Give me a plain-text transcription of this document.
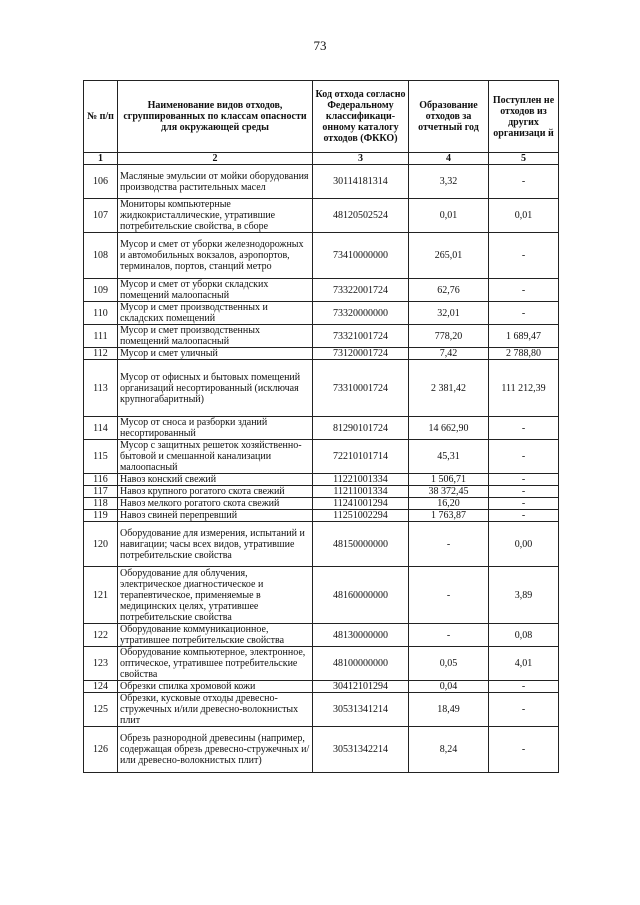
73
№ п/п	Наименование видов отходов, сгруппированных по классам опасности для окружающей среды	Код отхода согласно Федеральному классификаци-онному каталогу отходов (ФККО)	Образование отходов за отчетный год	Поступлен не отходов из других организаци й
1	2	3	4	5
106	Масляные эмульсии от мойки оборудования производства растительных масел	30114181314	3,32	-
107	Мониторы компьютерные жидкокристаллические, утратившие потребительские свойства, в сборе	48120502524	0,01	0,01
108	Мусор и смет от уборки железнодорожных и автомобильных вокзалов, аэропортов, терминалов, портов, станций метро	73410000000	265,01	-
109	Мусор и смет от уборки складских помещений малоопасный	73322001724	62,76	-
110	Мусор и смет производственных и складских помещений	73320000000	32,01	-
111	Мусор и смет производственных помещений малоопасный	73321001724	778,20	1 689,47
112	Мусор и смет уличный	73120001724	7,42	2 788,80
113	Мусор от офисных и бытовых помещений организаций несортированный (исключая крупногабаритный)	73310001724	2 381,42	111 212,39
114	Мусор от сноса и разборки зданий несортированный	81290101724	14 662,90	-
115	Мусор с защитных решеток хозяйственно-бытовой и смешанной канализации малоопасный	72210101714	45,31	-
116	Навоз конский свежий	11221001334	1 506,71	-
117	Навоз крупного рогатого скота свежий	11211001334	38 372,45	-
118	Навоз мелкого рогатого скота свежий	11241001294	16,20	-
119	Навоз свиней перепревший	11251002294	1 763,87	-
120	Оборудование для измерения, испытаний и навигации; часы всех видов, утратившие потребительские свойства	48150000000	-	0,00
121	Оборудование для облучения, электрическое диагностическое и терапевтическое, применяемые в медицинских целях, утратившее потребительские свойства	48160000000	-	3,89
122	Оборудование коммуникационное, утратившее потребительские свойства	48130000000	-	0,08
123	Оборудование компьютерное, электронное, оптическое, утратившее потребительские свойства	48100000000	0,05	4,01
124	Обрезки спилка хромовой кожи	30412101294	0,04	-
125	Обрезки, кусковые отходы древесно-стружечных и/или древесно-волокнистых плит	30531341214	18,49	-
126	Обрезь разнородной древесины (например, содержащая обрезь древесно-стружечных и/или древесно-волокнистых плит)	30531342214	8,24	-
